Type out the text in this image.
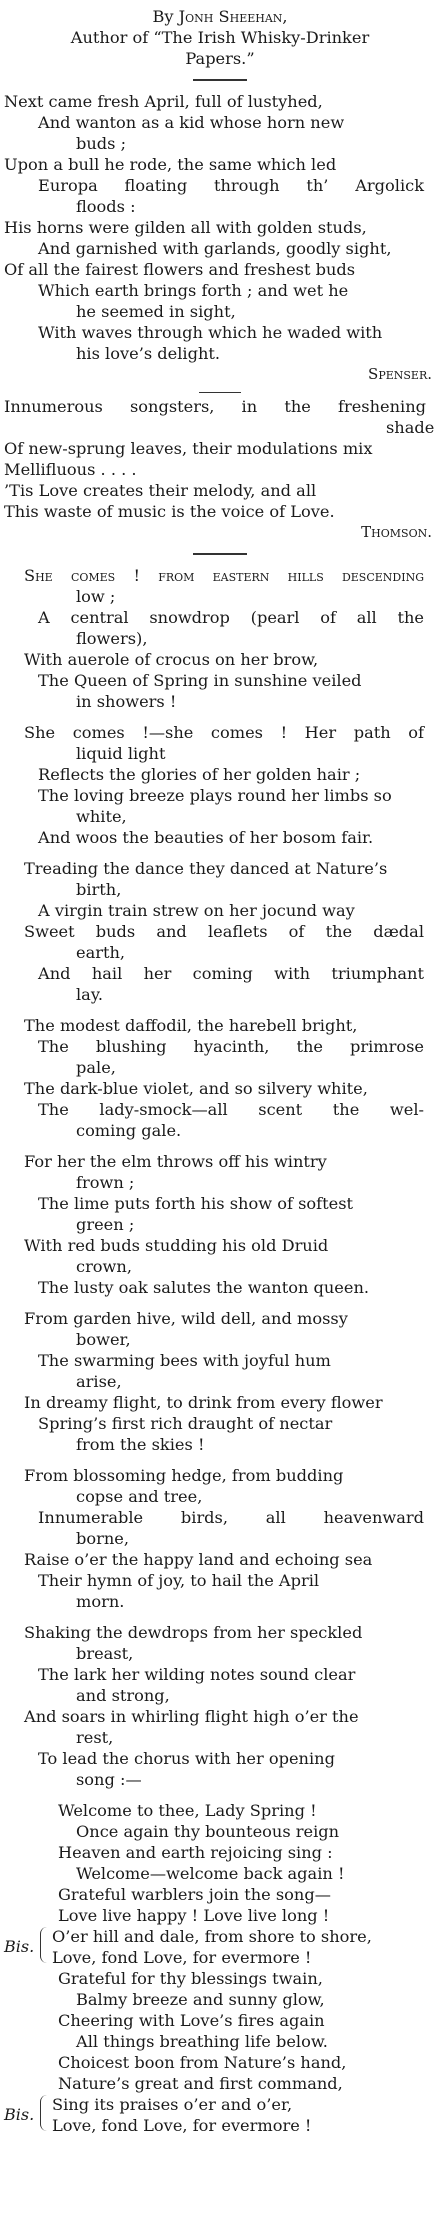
By Jonh Sheehan,
Author of “The Irish Whisky-Drinker
Papers.”
Next came fresh April, full of lustyhed,
And wanton as a kid whose horn new
buds ;
Upon a bull he rode, the same which led
Europa floating through th’ Argolick
floods :
His horns were gilden all with golden studs,
And garnished with garlands, goodly sight,
Of all the fairest flowers and freshest buds
Which earth brings forth ; and wet he
he seemed in sight,
With waves through which he waded with
his love’s delight.
Spenser.
Innumerous songsters, in the freshening
shade
Of new-sprung leaves, their modulations mix
Mellifluous . . . .
’Tis Love creates their melody, and all
This waste of music is the voice of Love.
Thomson.
She comes ! from eastern hills descending
low ;
A central snowdrop (pearl of all the
flowers),
With auerole of crocus on her brow,
The Queen of Spring in sunshine veiled
in showers !
She comes !—she comes ! Her path of
liquid light
Reflects the glories of her golden hair ;
The loving breeze plays round her limbs so
white,
And woos the beauties of her bosom fair.
Treading the dance they danced at Nature’s
birth,
A virgin train strew on her jocund way
Sweet buds and leaflets of the dædal
earth,
And hail her coming with triumphant
lay.
The modest daffodil, the harebell bright,
The blushing hyacinth, the primrose
pale,
The dark-blue violet, and so silvery white,
The lady-smock—all scent the wel-
coming gale.
For her the elm throws off his wintry
frown ;
The lime puts forth his show of softest
green ;
With red buds studding his old Druid
crown,
The lusty oak salutes the wanton queen.
From garden hive, wild dell, and mossy
bower,
The swarming bees with joyful hum
arise,
In dreamy flight, to drink from every flower
Spring’s first rich draught of nectar
from the skies !
From blossoming hedge, from budding
copse and tree,
Innumerable birds, all heavenward
borne,
Raise o’er the happy land and echoing sea
Their hymn of joy, to hail the April
morn.
Shaking the dewdrops from her speckled
breast,
The lark her wilding notes sound clear
and strong,
And soars in whirling flight high o’er the
rest,
To lead the chorus with her opening
song :—
Welcome to thee, Lady Spring !
Once again thy bounteous reign
Heaven and earth rejoicing sing :
Welcome—welcome back again !
Grateful warblers join the song—
Love live happy ! Love live long !
Bis.
O’er hill and dale, from shore to shore,
Love, fond Love, for evermore !
Grateful for thy blessings twain,
Balmy breeze and sunny glow,
Cheering with Love’s fires again
All things breathing life below.
Choicest boon from Nature’s hand,
Nature’s great and first command,
Bis.
Sing its praises o’er and o’er,
Love, fond Love, for evermore !
